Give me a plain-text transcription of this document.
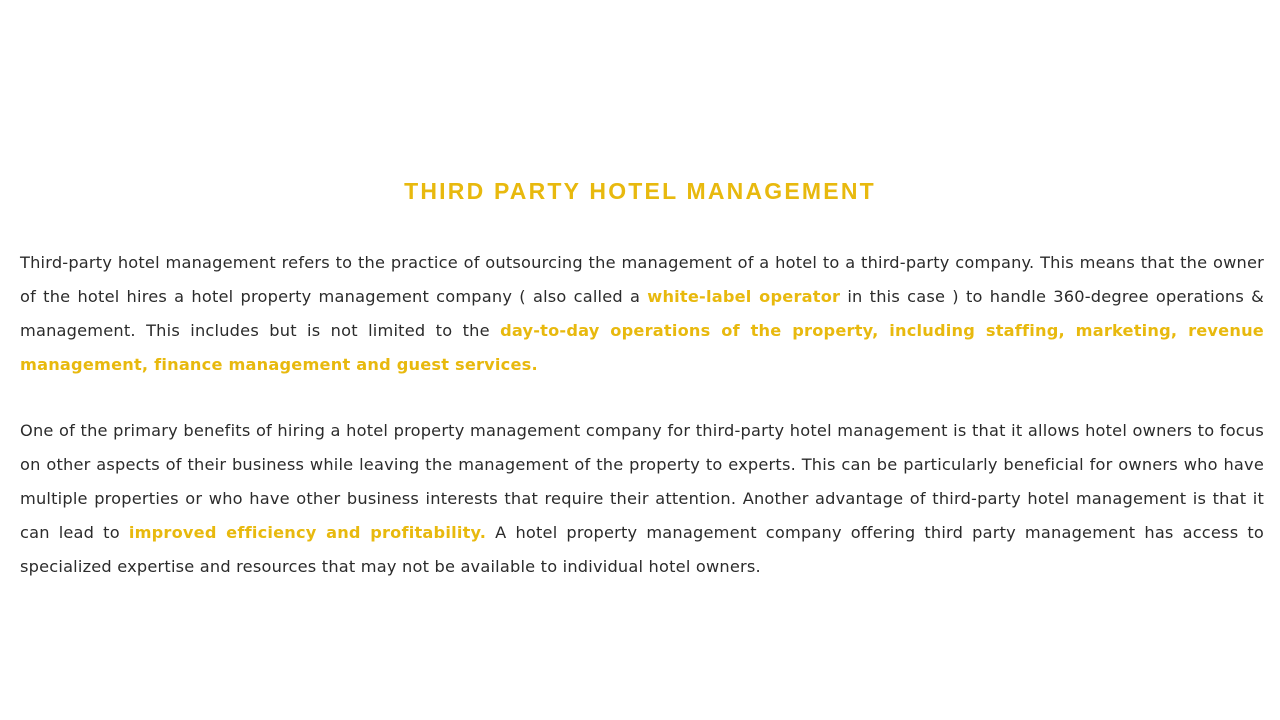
THIRD PARTY HOTEL MANAGEMENT

Third-party hotel management refers to the practice of outsourcing the management of a hotel to a third-party company. This means that the owner of the hotel hires a hotel property management company ( also called a white-label operator in this case ) to handle 360-degree operations & management. This includes but is not limited to the day-to-day operations of the property, including staffing, marketing, revenue management, finance management and guest services.

One of the primary benefits of hiring a hotel property management company for third-party hotel management is that it allows hotel owners to focus on other aspects of their business while leaving the management of the property to experts. This can be particularly beneficial for owners who have multiple properties or who have other business interests that require their attention. Another advantage of third-party hotel management is that it can lead to improved efficiency and profitability. A hotel property management company offering third party management has access to specialized expertise and resources that may not be available to individual hotel owners.
